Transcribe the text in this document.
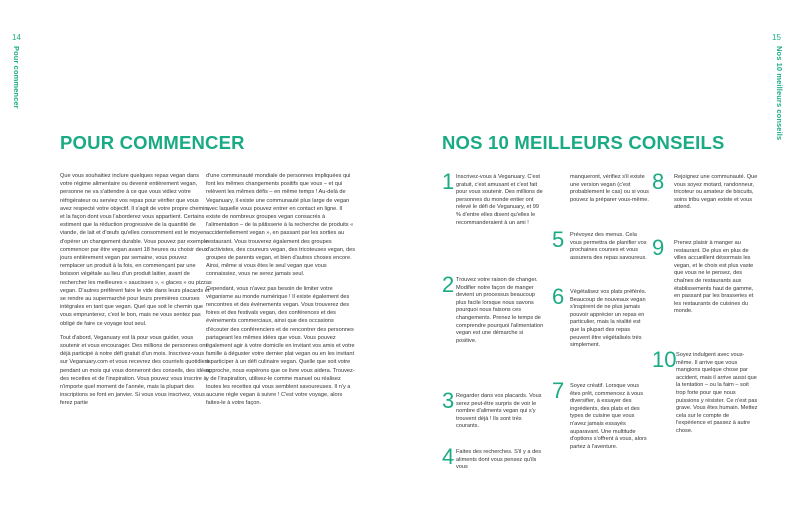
14
Pour commencer
POUR COMMENCER

Que vous souhaitiez inclure quelques repas vegan dans votre régime alimentaire ou devenir entièrement vegan, personne ne va s'attendre à ce que vous vidiez votre réfrigérateur ou serviez vos repas pour vérifier que vous avez respecté votre objectif. Il s'agit de votre propre chemin, et la façon dont vous l'aborderez vous appartient. Certains estiment que la réduction progressive de la quantité de viande, de lait et d'œufs qu'elles consomment est le moyen d'opérer un changement durable. Vous pouvez par exemple commencer par être vegan avant 18 heures ou choisir deux jours entièrement vegan par semaine, vous pouvez remplacer un produit à la fois, en commençant par une boisson végétale au lieu d'un produit laitier, avant de rechercher les meilleures « saucisses », « glaces » ou pizzas vegan. D'autres préfèrent faire le vide dans leurs placards et se rendre au supermarché pour leurs premières courses intégrales en tant que vegan. Quel que soit le chemin que vous emprunterez, c'est le bon, mais ne vous sentez pas obligé de faire ce voyage tout seul.

Tout d'abord, Veganuary est là pour vous guider, vous soutenir et vous encourager. Des millions de personnes ont déjà participé à notre défi gratuit d'un mois. Inscrivez-vous sur Veganuary.com et vous recevrez des courriels quotidiens pendant un mois qui vous donneront des conseils, des idées, des recettes et de l'inspiration. Vous pouvez vous inscrire à n'importe quel moment de l'année, mais la plupart des inscriptions se font en janvier. Si vous vous inscrivez, vous ferez partie

d'une communauté mondiale de personnes impliquées qui font les mêmes changements positifs que vous – et qui relèvent les mêmes défis – en même temps ! Au-delà de Veganuary, il existe une communauté plus large de vegan avec laquelle vous pouvez entrer en contact en ligne. Il existe de nombreux groupes vegan consacrés à l'alimentation – de la pâtisserie à la recherche de produits « accidentellement vegan », en passant par les sorties au restaurant. Vous trouverez également des groupes d'activistes, des coureurs vegan, des tricoteuses vegan, des groupes de parents vegan, et bien d'autres choses encore. Ainsi, même si vous êtes le seul vegan que vous connaissiez, vous ne serez jamais seul.

Cependant, vous n'avez pas besoin de limiter votre véganisme au monde numérique ! Il existe également des rencontres et des événements vegan. Vous trouverez des foires et des festivals vegan, des conférences et des événements commerciaux, ainsi que des occasions d'écouter des conférenciers et de rencontrer des personnes partageant les mêmes idées que vous. Vous pouvez également agir à votre domicile en invitant vos amis et votre famille à déguster votre dernier plat vegan ou en les invitant à participer à un défi culinaire vegan. Quelle que soit votre approche, nous espérons que ce livre vous aidera. Trouvez-y de l'inspiration, utilisez-le comme manuel ou réalisez toutes les recettes qui vous semblent savoureuses. Il n'y a aucune règle vegan à suivre ! C'est votre voyage, alors faites-le à votre façon.

15
Nos 10 meilleurs conseils
NOS 10 MEILLEURS CONSEILS
1 Inscrivez-vous à Veganuary. C'est gratuit, c'est amusant et c'est fait pour vous soutenir. Des millions de personnes du monde entier ont relevé le défi de Veganuary, et 99 % d'entre elles disent qu'elles le recommanderaient à un ami !
2 Trouvez votre raison de changer. Modifier notre façon de manger devient un processus beaucoup plus facile lorsque nous savons pourquoi nous faisons ces changements. Prenez le temps de comprendre pourquoi l'alimentation vegan est une démarche si positive.
3 Regarder dans vos placards. Vous serez peut-être surpris de voir le nombre d'aliments vegan qui s'y trouvent déjà ! Ils sont très courants.
4 Faites des recherches. S'il y a des aliments dont vous pensez qu'ils vous
manqueront, vérifiez s'il existe une version vegan (c'est probablement le cas) ou si vous pouvez la préparer vous-même.
5 Prévoyez des menus. Cela vous permettra de planifier vos prochaines courses et vous assurera des repas savoureux.
6 Végétalisez vos plats préférés. Beaucoup de nouveaux vegan s'inspirent de ne plus jamais pouvoir apprécier un repas en particulier, mais la réalité est que la plupart des repas peuvent être végétalisés très simplement.
7 Soyez créatif. Lorsque vous êtes prêt, commencez à vous diversifier, à essayer des ingrédients, des plats et des types de cuisine que vous n'avez jamais essayés auparavant. Une multitude d'options s'offrent à vous, alors partez à l'aventure.
8 Rejoignez une communauté. Que vous soyez motard, randonneur, tricoteur ou amateur de biscuits, soins tribu vegan existe et vous attend.
9 Prenez plaisir à manger au restaurant. De plus en plus de villes accueillent désormais les vegan, et le choix est plus vaste que vous ne le pensez, des chaînes de restaurants aux établissements haut de gamme, en passant par les brasseries et les restaurants de cuisines du monde.
10 Soyez indulgent avec vous-même. Il arrive que vous mangions quelque chose par accident, mais il arrive aussi que la tentation – ou la faim – soit trop forte pour que nous puissions y résister. Ce n'est pas grave. Vous êtes humain. Mettez cela sur le compte de l'expérience et passez à autre chose.
